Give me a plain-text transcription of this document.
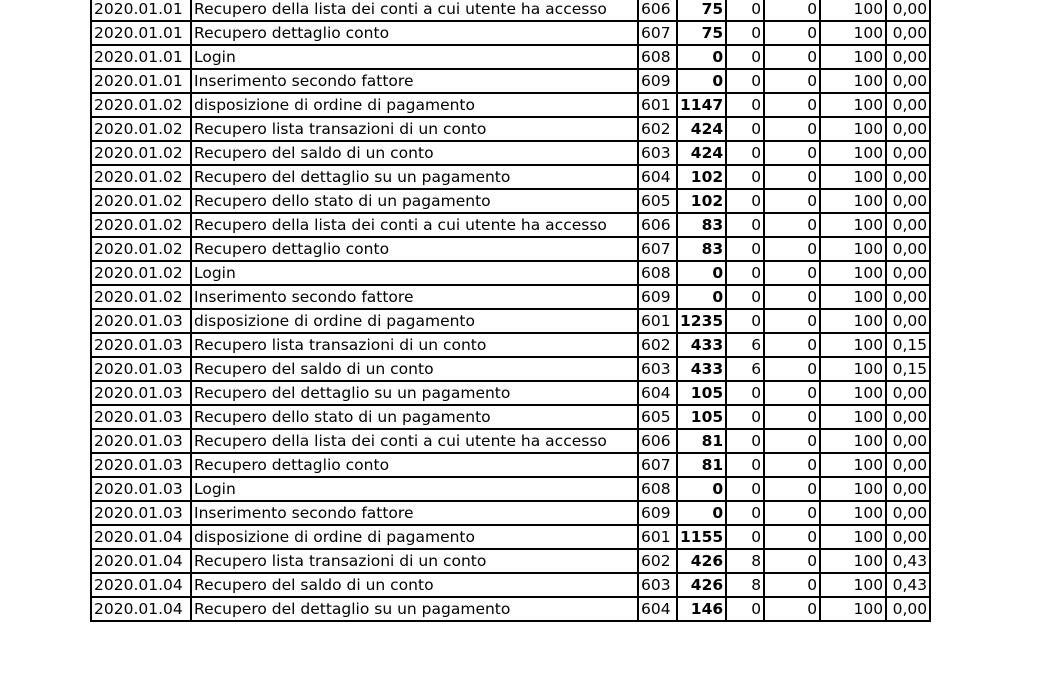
2020.01.01	Recupero della lista dei conti a cui utente ha accesso	606	75	0	0	100	0,00
2020.01.01	Recupero dettaglio conto	607	75	0	0	100	0,00
2020.01.01	Login	608	0	0	0	100	0,00
2020.01.01	Inserimento secondo fattore	609	0	0	0	100	0,00
2020.01.02	disposizione di ordine di pagamento	601	1147	0	0	100	0,00
2020.01.02	Recupero lista transazioni di un conto	602	424	0	0	100	0,00
2020.01.02	Recupero del saldo di un conto	603	424	0	0	100	0,00
2020.01.02	Recupero del dettaglio su un pagamento	604	102	0	0	100	0,00
2020.01.02	Recupero dello stato di un pagamento	605	102	0	0	100	0,00
2020.01.02	Recupero della lista dei conti a cui utente ha accesso	606	83	0	0	100	0,00
2020.01.02	Recupero dettaglio conto	607	83	0	0	100	0,00
2020.01.02	Login	608	0	0	0	100	0,00
2020.01.02	Inserimento secondo fattore	609	0	0	0	100	0,00
2020.01.03	disposizione di ordine di pagamento	601	1235	0	0	100	0,00
2020.01.03	Recupero lista transazioni di un conto	602	433	6	0	100	0,15
2020.01.03	Recupero del saldo di un conto	603	433	6	0	100	0,15
2020.01.03	Recupero del dettaglio su un pagamento	604	105	0	0	100	0,00
2020.01.03	Recupero dello stato di un pagamento	605	105	0	0	100	0,00
2020.01.03	Recupero della lista dei conti a cui utente ha accesso	606	81	0	0	100	0,00
2020.01.03	Recupero dettaglio conto	607	81	0	0	100	0,00
2020.01.03	Login	608	0	0	0	100	0,00
2020.01.03	Inserimento secondo fattore	609	0	0	0	100	0,00
2020.01.04	disposizione di ordine di pagamento	601	1155	0	0	100	0,00
2020.01.04	Recupero lista transazioni di un conto	602	426	8	0	100	0,43
2020.01.04	Recupero del saldo di un conto	603	426	8	0	100	0,43
2020.01.04	Recupero del dettaglio su un pagamento	604	146	0	0	100	0,00
